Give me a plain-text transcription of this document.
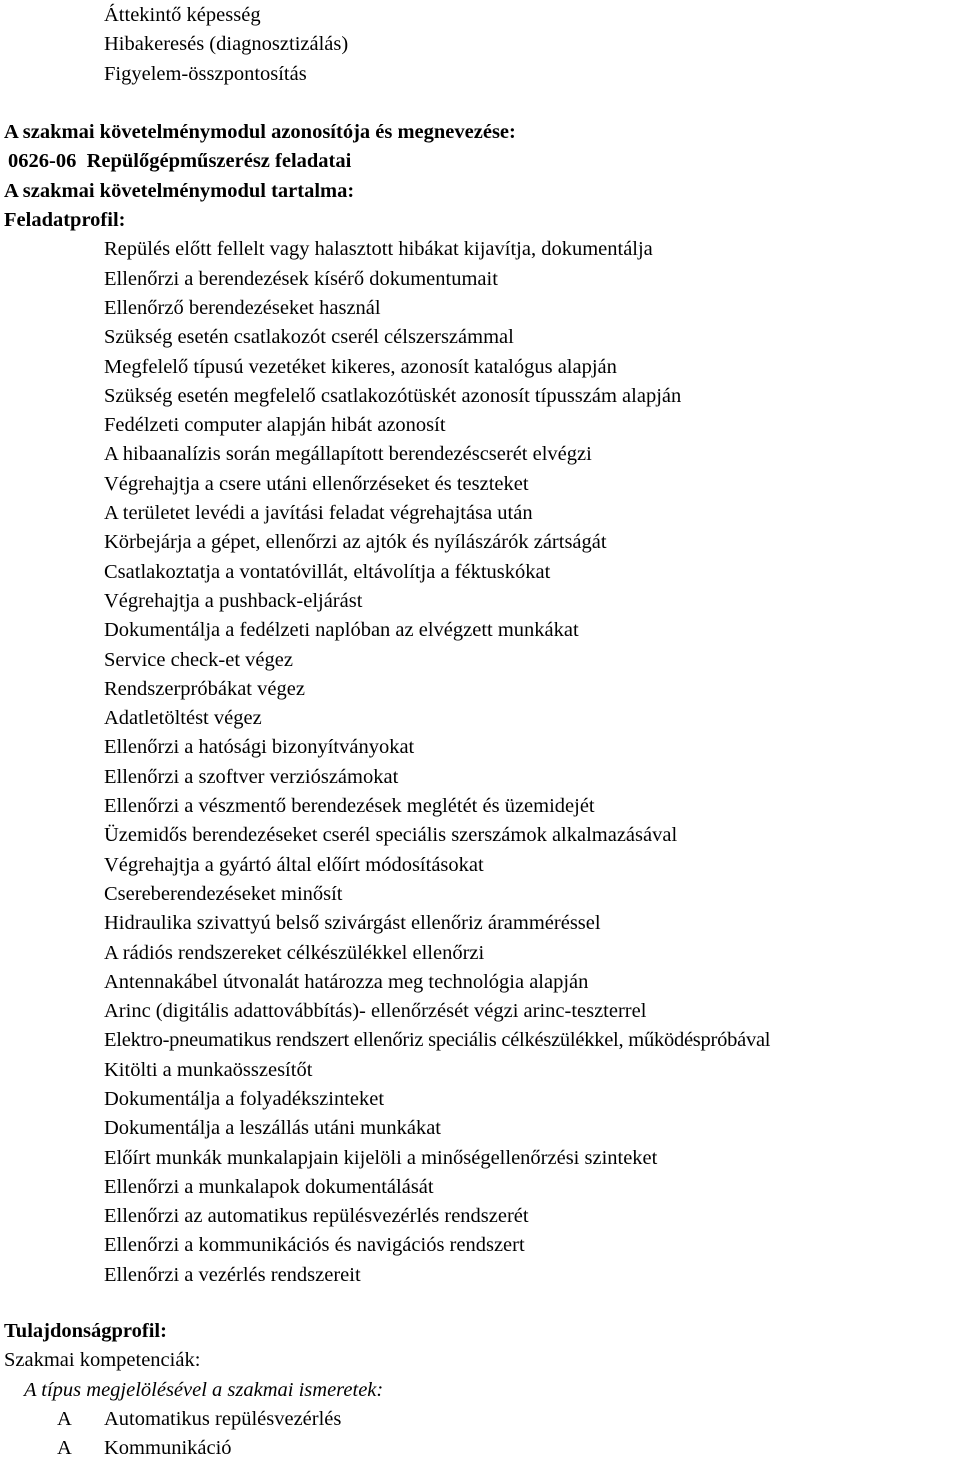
Áttekintő képesség
Hibakeresés (diagnosztizálás)
Figyelem-összpontosítás
A szakmai követelménymodul azonosítója és megnevezése:
0626-06  Repülőgépműszerész feladatai
A szakmai követelménymodul tartalma:
Feladatprofil:
Repülés előtt fellelt vagy halasztott hibákat kijavítja, dokumentálja
Ellenőrzi a berendezések kísérő dokumentumait
Ellenőrző berendezéseket használ
Szükség esetén csatlakozót cserél célszerszámmal
Megfelelő típusú vezetéket kikeres, azonosít katalógus alapján
Szükség esetén megfelelő csatlakozótüskét azonosít típusszám alapján
Fedélzeti computer alapján hibát azonosít
A hibaanalízis során megállapított berendezéscserét elvégzi
Végrehajtja a csere utáni ellenőrzéseket és teszteket
A területet levédi a javítási feladat végrehajtása után
Körbejárja a gépet, ellenőrzi az ajtók és nyílászárók zártságát
Csatlakoztatja a vontatóvillát, eltávolítja a féktuskókat
Végrehajtja a pushback-eljárást
Dokumentálja a fedélzeti naplóban az elvégzett munkákat
Service check-et végez
Rendszerpróbákat végez
Adatletöltést végez
Ellenőrzi a hatósági bizonyítványokat
Ellenőrzi a szoftver verziószámokat
Ellenőrzi a vészmentő berendezések meglétét és üzemidejét
Üzemidős berendezéseket cserél speciális szerszámok alkalmazásával
Végrehajtja a gyártó által előírt módosításokat
Csereberendezéseket minősít
Hidraulika szivattyú belső szivárgást ellenőriz áramméréssel
A rádiós rendszereket célkészülékkel ellenőrzi
Antennakábel útvonalát határozza meg technológia alapján
Arinc (digitális adattovábbítás)- ellenőrzését végzi arinc-teszterrel
Elektro-pneumatikus rendszert ellenőriz speciális célkészülékkel, működéspróbával
Kitölti a munkaösszesítőt
Dokumentálja a folyadékszinteket
Dokumentálja a leszállás utáni munkákat
Előírt munkák munkalapjain kijelöli a minőségellenőrzési szinteket
Ellenőrzi a munkalapok dokumentálását
Ellenőrzi az automatikus repülésvezérlés rendszerét
Ellenőrzi a kommunikációs és navigációs rendszert
Ellenőrzi a vezérlés rendszereit
Tulajdonságprofil:
Szakmai kompetenciák:
A típus megjelölésével a szakmai ismeretek:
A Automatikus repülésvezérlés
A Kommunikáció
